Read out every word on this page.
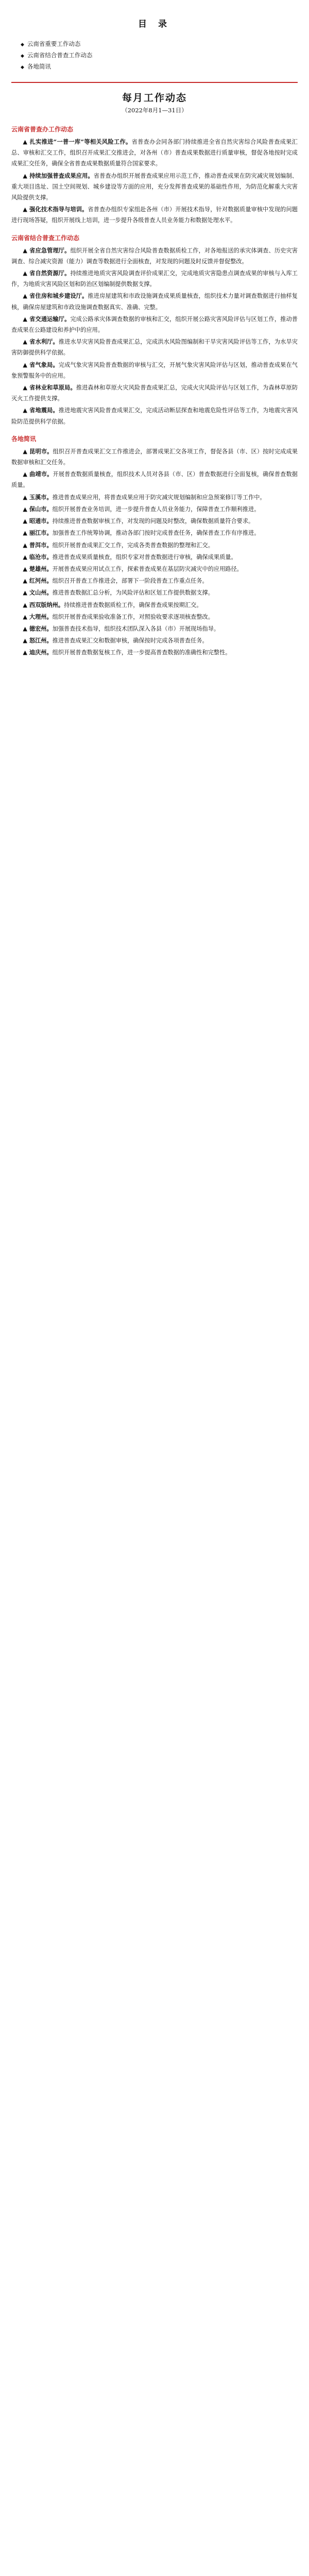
目 录
◆ 云南省重要工作动态
◆ 云南省结合普查工作动态
◆ 各地简讯
每月工作动态
（2022年8月1—31日）
云南省普查办工作动态

▲ 扎实推进“一普一库”等相关风险工作。省普查办会同各部门持续推进全省自然灾害综合风险普查成果汇总、审核和汇交工作，组织召开成果汇交推进会，对各州（市）普查成果数据进行质量审核，督促各地按时完成成果汇交任务，确保全省普查成果数据质量符合国家要求。

▲ 持续加强普查成果应用。省普查办组织开展普查成果应用示范工作，推动普查成果在防灾减灾规划编制、重大项目选址、国土空间规划、城乡建设等方面的应用，充分发挥普查成果的基础性作用，为防范化解重大灾害风险提供支撑。

▲ 强化技术指导与培训。省普查办组织专家组赴各州（市）开展技术指导，针对数据质量审核中发现的问题进行现场答疑，组织开展线上培训，进一步提升各级普查人员业务能力和数据处理水平。

云南省结合普查工作动态

▲ 省应急管理厅。组织开展全省自然灾害综合风险普查数据质检工作，对各地报送的承灾体调查、历史灾害调查、综合减灾资源（能力）调查等数据进行全面核查，对发现的问题及时反馈并督促整改。

▲ 省自然资源厅。持续推进地质灾害风险调查评价成果汇交，完成地质灾害隐患点调查成果的审核与入库工作，为地质灾害风险区划和防治区划编制提供数据支撑。

▲ 省住房和城乡建设厅。推进房屋建筑和市政设施调查成果质量核查，组织技术力量对调查数据进行抽样复核，确保房屋建筑和市政设施调查数据真实、准确、完整。

▲ 省交通运输厅。完成公路承灾体调查数据的审核和汇交，组织开展公路灾害风险评估与区划工作，推动普查成果在公路建设和养护中的应用。

▲ 省水利厅。推进水旱灾害风险普查成果汇总，完成洪水风险图编制和干旱灾害风险评估等工作，为水旱灾害防御提供科学依据。

▲ 省气象局。完成气象灾害风险普查数据的审核与汇交，开展气象灾害风险评估与区划，推动普查成果在气象预警服务中的应用。

▲ 省林业和草原局。推进森林和草原火灾风险普查成果汇总，完成火灾风险评估与区划工作，为森林草原防灭火工作提供支撑。

▲ 省地震局。推进地震灾害风险普查成果汇交，完成活动断层探查和地震危险性评估等工作，为地震灾害风险防范提供科学依据。

各地简讯

▲ 昆明市。组织召开普查成果汇交工作推进会，部署成果汇交各项工作，督促各县（市、区）按时完成成果数据审核和汇交任务。

▲ 曲靖市。开展普查数据质量核查，组织技术人员对各县（市、区）普查数据进行全面复核，确保普查数据质量。

▲ 玉溪市。推进普查成果应用，将普查成果应用于防灾减灾规划编制和应急预案修订等工作中。

▲ 保山市。组织开展普查业务培训，进一步提升普查人员业务能力，保障普查工作顺利推进。

▲ 昭通市。持续推进普查数据审核工作，对发现的问题及时整改，确保数据质量符合要求。

▲ 丽江市。加强普查工作统筹协调，推动各部门按时完成普查任务，确保普查工作有序推进。

▲ 普洱市。组织开展普查成果汇交工作，完成各类普查数据的整理和汇交。

▲ 临沧市。推进普查成果质量核查，组织专家对普查数据进行审核，确保成果质量。

▲ 楚雄州。开展普查成果应用试点工作，探索普查成果在基层防灾减灾中的应用路径。

▲ 红河州。组织召开普查工作推进会，部署下一阶段普查工作重点任务。

▲ 文山州。推进普查数据汇总分析，为风险评估和区划工作提供数据支撑。

▲ 西双版纳州。持续推进普查数据质检工作，确保普查成果按期汇交。

▲ 大理州。组织开展普查成果验收准备工作，对照验收要求逐项核查整改。

▲ 德宏州。加强普查技术指导，组织技术团队深入各县（市）开展现场指导。

▲ 怒江州。推进普查成果汇交和数据审核，确保按时完成各项普查任务。

▲ 迪庆州。组织开展普查数据复核工作，进一步提高普查数据的准确性和完整性。
